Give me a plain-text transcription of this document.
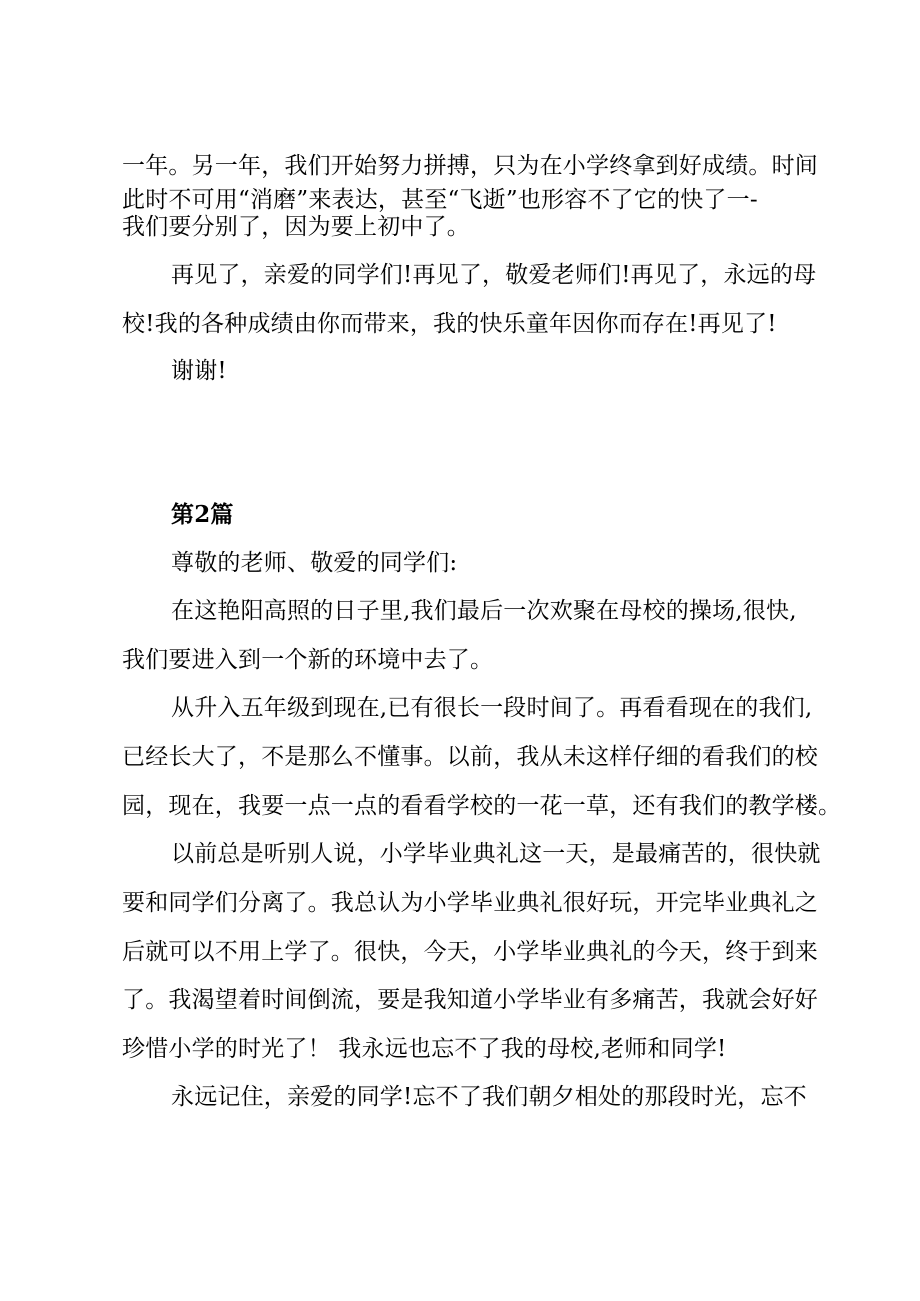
一年。另一年，我们开始努力拼搏，只为在小学终拿到好成绩。时间
此时不可用“消磨”来表达，甚至“飞逝”也形容不了它的快了一-
我们要分别了，因为要上初中了。
再见了，亲爱的同学们!再见了，敬爱老师们!再见了，永远的母
校!我的各种成绩由你而带来，我的快乐童年因你而存在!再见了!
谢谢!
第2篇
尊敬的老师、敬爱的同学们:
在这艳阳高照的日子里,我们最后一次欢聚在母校的操场,很快,
我们要进入到一个新的环境中去了。
从升入五年级到现在,已有很长一段时间了。再看看现在的我们,
已经长大了，不是那么不懂事。以前，我从未这样仔细的看我们的校
园，现在，我要一点一点的看看学校的一花一草，还有我们的教学楼。
以前总是听别人说，小学毕业典礼这一天，是最痛苦的，很快就
要和同学们分离了。我总认为小学毕业典礼很好玩，开完毕业典礼之
后就可以不用上学了。很快，今天，小学毕业典礼的今天，终于到来
了。我渴望着时间倒流，要是我知道小学毕业有多痛苦，我就会好好
珍惜小学的时光了！ 我永远也忘不了我的母校,老师和同学!
永远记住，亲爱的同学!忘不了我们朝夕相处的那段时光，忘不
